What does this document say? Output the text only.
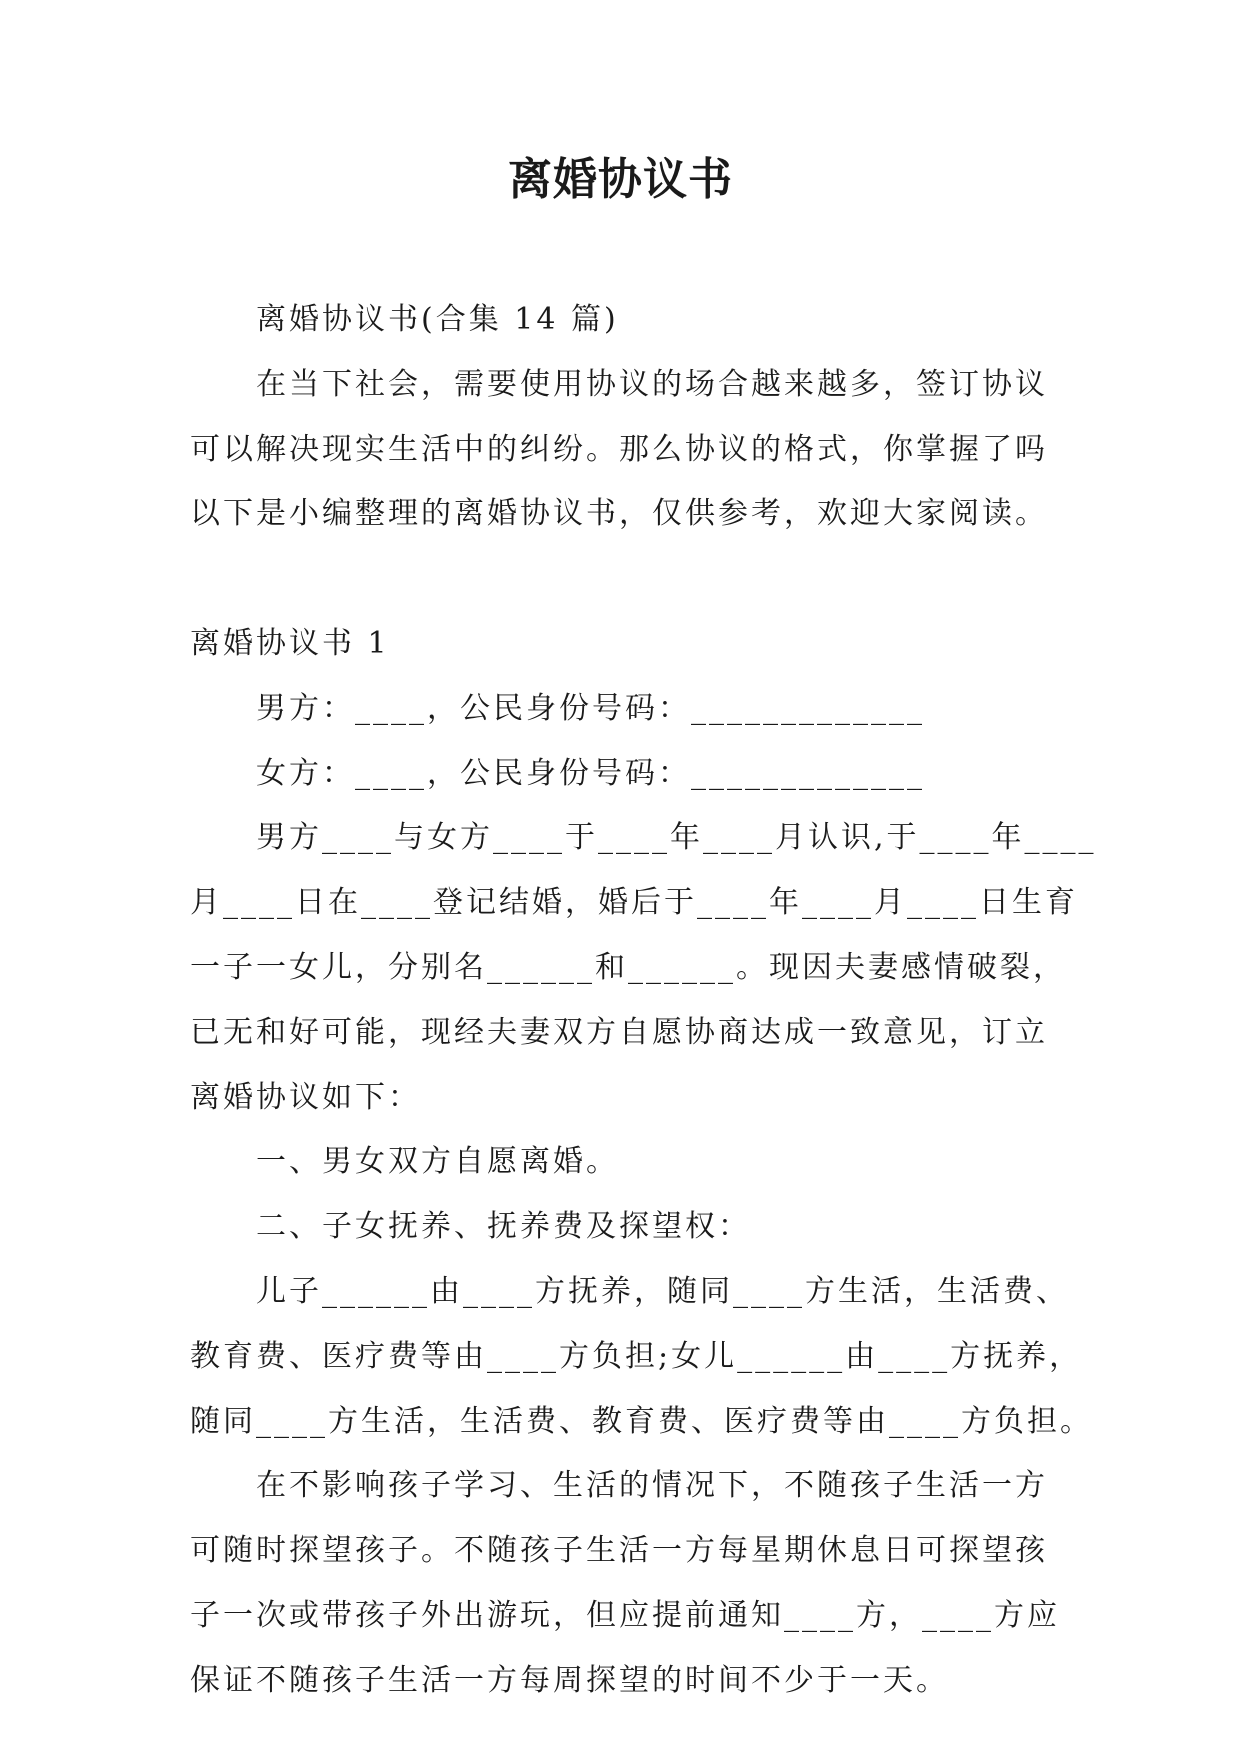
离婚协议书

离婚协议书(合集 14 篇)

在当下社会，需要使用协议的场合越来越多，签订协议

可以解决现实生活中的纠纷。那么协议的格式，你掌握了吗

以下是小编整理的离婚协议书，仅供参考，欢迎大家阅读。

离婚协议书 1

男方：____，公民身份号码：_____________

女方：____，公民身份号码：_____________

男方____与女方____于____年____月认识,于____年____

月____日在____登记结婚，婚后于____年____月____日生育

一子一女儿，分别名______和______。现因夫妻感情破裂，

已无和好可能，现经夫妻双方自愿协商达成一致意见，订立

离婚协议如下：

一、男女双方自愿离婚。

二、子女抚养、抚养费及探望权：

儿子______由____方抚养，随同____方生活，生活费、

教育费、医疗费等由____方负担;女儿______由____方抚养，

随同____方生活，生活费、教育费、医疗费等由____方负担。

在不影响孩子学习、生活的情况下，不随孩子生活一方

可随时探望孩子。不随孩子生活一方每星期休息日可探望孩

子一次或带孩子外出游玩，但应提前通知____方，____方应

保证不随孩子生活一方每周探望的时间不少于一天。
